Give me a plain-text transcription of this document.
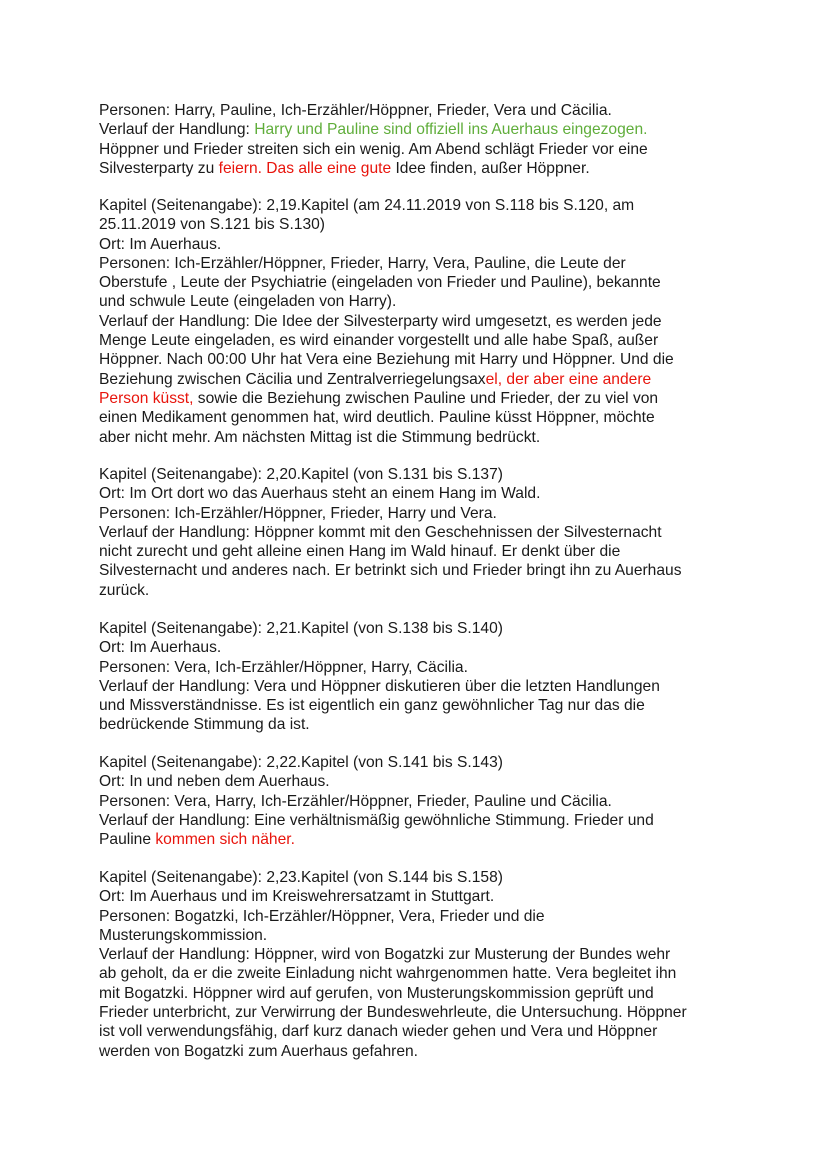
Personen: Harry, Pauline, Ich-Erzähler/Höppner, Frieder, Vera und Cäcilia.
Verlauf der Handlung: Harry und Pauline sind offiziell ins Auerhaus eingezogen.
Höppner und Frieder streiten sich ein wenig. Am Abend schlägt Frieder vor eine
Silvesterparty zu feiern. Das alle eine gute Idee finden, außer Höppner.
Kapitel (Seitenangabe): 2,19.Kapitel (am 24.11.2019 von S.118 bis S.120, am
25.11.2019 von S.121 bis S.130)
Ort: Im Auerhaus.
Personen: Ich-Erzähler/Höppner, Frieder, Harry, Vera, Pauline, die Leute der
Oberstufe , Leute der Psychiatrie (eingeladen von Frieder und Pauline), bekannte
und schwule Leute (eingeladen von Harry).
Verlauf der Handlung: Die Idee der Silvesterparty wird umgesetzt, es werden jede
Menge Leute eingeladen, es wird einander vorgestellt und alle habe Spaß, außer
Höppner. Nach 00:00 Uhr hat Vera eine Beziehung mit Harry und Höppner. Und die
Beziehung zwischen Cäcilia und Zentralverriegelungsaxel, der aber eine andere
Person küsst, sowie die Beziehung zwischen Pauline und Frieder, der zu viel von
einen Medikament genommen hat, wird deutlich. Pauline küsst Höppner, möchte
aber nicht mehr. Am nächsten Mittag ist die Stimmung bedrückt.
Kapitel (Seitenangabe): 2,20.Kapitel (von S.131 bis S.137)
Ort: Im Ort dort wo das Auerhaus steht an einem Hang im Wald.
Personen: Ich-Erzähler/Höppner, Frieder, Harry und Vera.
Verlauf der Handlung: Höppner kommt mit den Geschehnissen der Silvesternacht
nicht zurecht und geht alleine einen Hang im Wald hinauf. Er denkt über die
Silvesternacht und anderes nach. Er betrinkt sich und Frieder bringt ihn zu Auerhaus
zurück.
Kapitel (Seitenangabe): 2,21.Kapitel (von S.138 bis S.140)
Ort: Im Auerhaus.
Personen: Vera, Ich-Erzähler/Höppner, Harry, Cäcilia.
Verlauf der Handlung: Vera und Höppner diskutieren über die letzten Handlungen
und Missverständnisse. Es ist eigentlich ein ganz gewöhnlicher Tag nur das die
bedrückende Stimmung da ist.
Kapitel (Seitenangabe): 2,22.Kapitel (von S.141 bis S.143)
Ort: In und neben dem Auerhaus.
Personen: Vera, Harry, Ich-Erzähler/Höppner, Frieder, Pauline und Cäcilia.
Verlauf der Handlung: Eine verhältnismäßig gewöhnliche Stimmung. Frieder und
Pauline kommen sich näher.
Kapitel (Seitenangabe): 2,23.Kapitel (von S.144 bis S.158)
Ort: Im Auerhaus und im Kreiswehrersatzamt in Stuttgart.
Personen: Bogatzki, Ich-Erzähler/Höppner, Vera, Frieder und die
Musterungskommission.
Verlauf der Handlung: Höppner, wird von Bogatzki zur Musterung der Bundes wehr
ab geholt, da er die zweite Einladung nicht wahrgenommen hatte. Vera begleitet ihn
mit Bogatzki. Höppner wird auf gerufen, von Musterungskommission geprüft und
Frieder unterbricht, zur Verwirrung der Bundeswehrleute, die Untersuchung. Höppner
ist voll verwendungsfähig, darf kurz danach wieder gehen und Vera und Höppner
werden von Bogatzki zum Auerhaus gefahren.
